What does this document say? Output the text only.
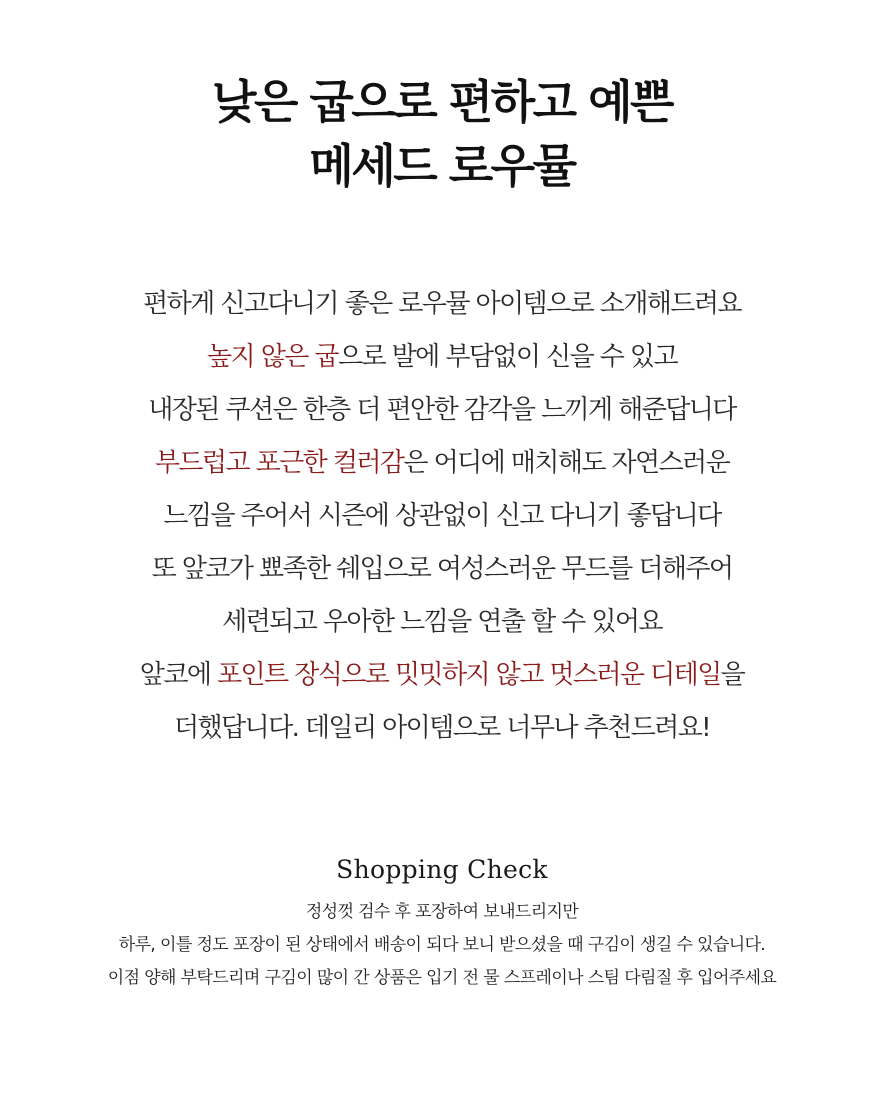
낮은 굽으로 편하고 예쁜
메세드 로우뮬
편하게 신고다니기 좋은 로우뮬 아이템으로 소개해드려요
높지 않은 굽으로 발에 부담없이 신을 수 있고
내장된 쿠션은 한층 더 편안한 감각을 느끼게 해준답니다
부드럽고 포근한 컬러감은 어디에 매치해도 자연스러운
느낌을 주어서 시즌에 상관없이 신고 다니기 좋답니다
또 앞코가 뾰족한 쉐입으로 여성스러운 무드를 더해주어
세련되고 우아한 느낌을 연출 할 수 있어요
앞코에 포인트 장식으로 밋밋하지 않고 멋스러운 디테일을
더했답니다. 데일리 아이템으로 너무나 추천드려요!
Shopping Check
정성껏 검수 후 포장하여 보내드리지만
하루, 이틀 정도 포장이 된 상태에서 배송이 되다 보니 받으셨을 때 구김이 생길 수 있습니다.
이점 양해 부탁드리며 구김이 많이 간 상품은 입기 전 물 스프레이나 스팀 다림질 후 입어주세요
